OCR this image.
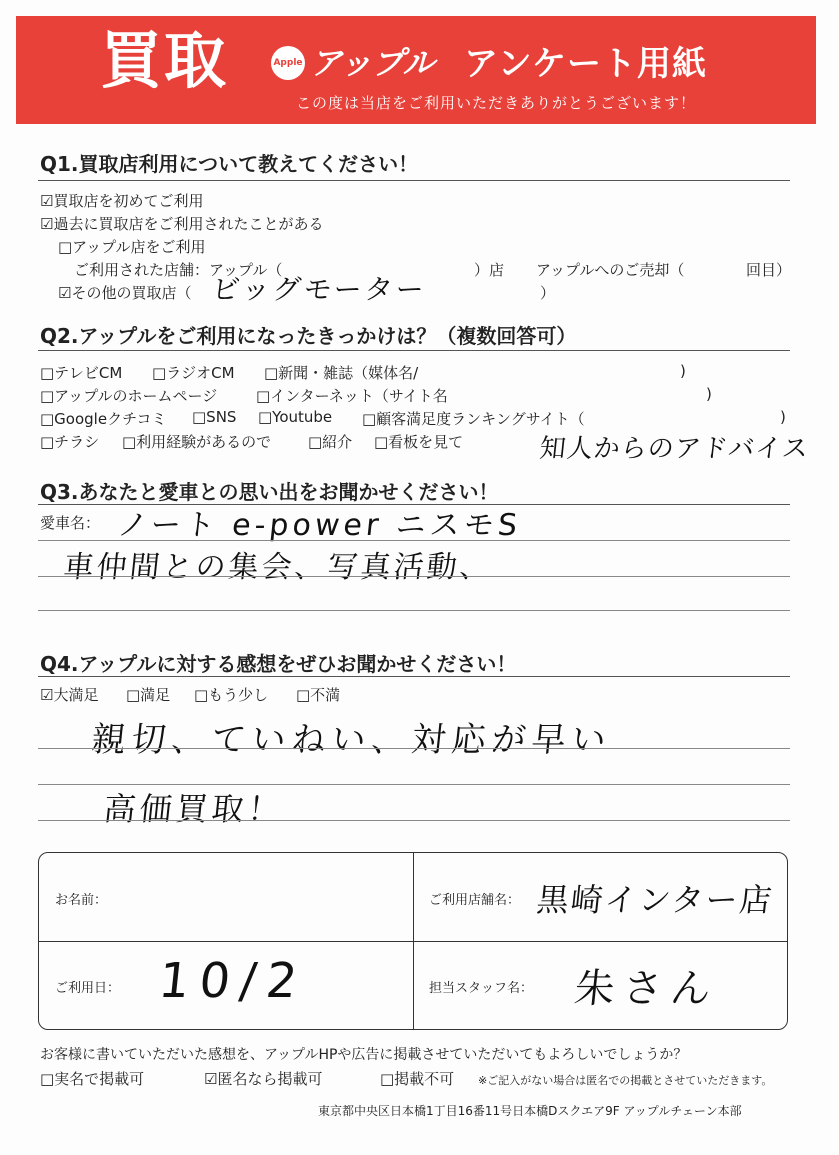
買取	Apple アップル アンケート用紙
この度は当店をご利用いただきありがとうございます！
Q1.買取店利用について教えてください！
☑買取店を初めてご利用
☑過去に買取店をご利用されたことがある
□アップル店をご利用
ご利用された店舗：アップル（	）店 アップルへのご売却（	回目）
☑その他の買取店（	）
ビッグモーター
Q2.アップルをご利用になったきっかけは？（複数回答可）
□テレビCM □ラジオCM □新聞・雑誌（媒体名/	)
□アップルのホームページ	□インターネット（サイト名	)
□Googleクチコミ □SNS □Youtube □顧客満足度ランキングサイト（	)
□チラシ □利用経験があるので □紹介 □看板を見て	知人からのアドバイス
Q3.あなたと愛車との思い出をお聞かせください！
愛車名： ノート e-power ニスモS
車仲間との集会、写真活動、
Q4.アップルに対する感想をぜひお聞かせください！
☑大満足 □満足 □もう少し □不満
親切、ていねい、対応が早い
高価買取！
お名前：	ご利用店舗名： 黒崎インター店
ご利用日： 10/2	担当スタッフ名： 朱さん
お客様に書いていただいた感想を、アップルHPや広告に掲載させていただいてもよろしいでしょうか？
□実名で掲載可	☑匿名なら掲載可	□掲載不可 ※ご記入がない場合は匿名での掲載とさせていただきます。
東京都中央区日本橋1丁目16番11号日本橋Dスクエア9F アップルチェーン本部
